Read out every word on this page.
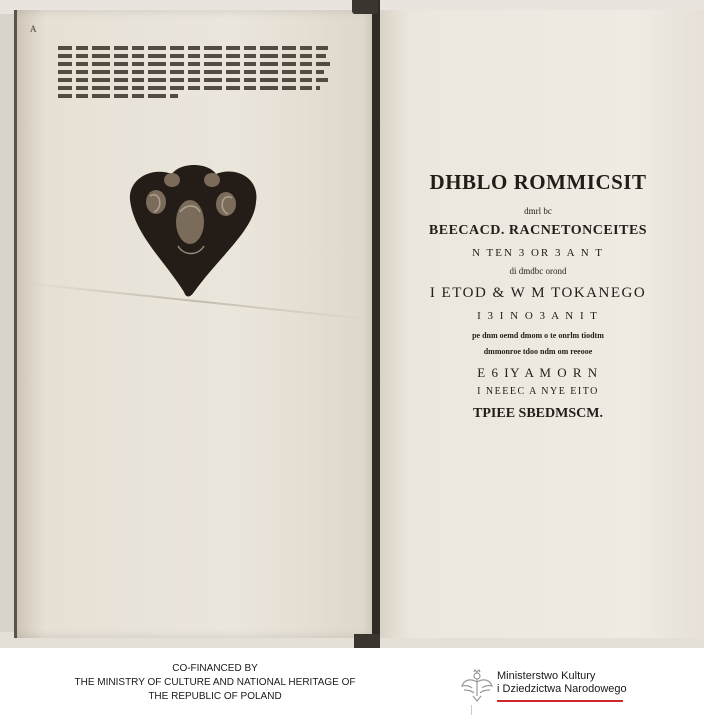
A
DHBLO ROMMICSIT
dmrl bc
BEECACD. RACNETONCEITES
N TEN 3 OR 3 A N T
di dmdbc orond
I ETOD & W M TOKANEGO
I 3 I N O 3 A N I T
pe dnm oemd dmom o te onrlm tiodtm
dmmonroe tdoo ndm om reeooe
E 6 IY A M O R N
I NEEEC A NYE EITO
TPIEE SBEDMSCM.
CO-FINANCED BY
THE MINISTRY OF CULTURE AND NATIONAL HERITAGE OF
THE REPUBLIC OF POLAND
Ministerstwo Kultury
i Dziedzictwa Narodowego
